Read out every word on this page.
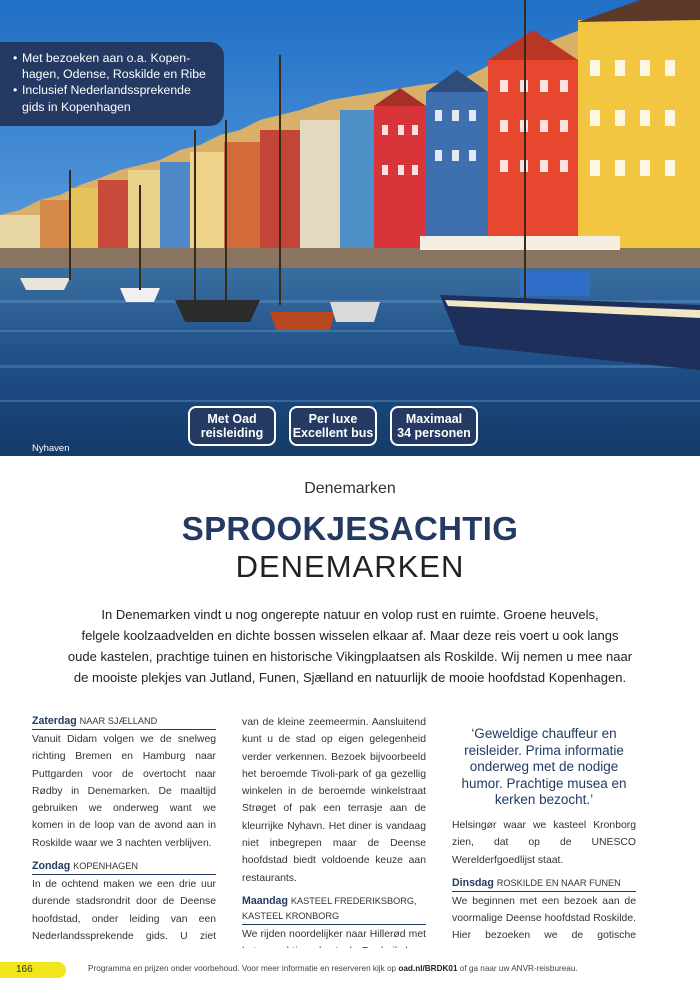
• Met bezoeken aan o.a. Kopen-
hagen, Odense, Roskilde en Ribe
• Inclusief Nederlandssprekende
gids in Kopenhagen
Met Oad
reisleiding
Per luxe
Excellent bus
Maximaal
34 personen
Nyhaven
Denemarken
SPROOKJESACHTIG
DENEMARKEN
In Denemarken vindt u nog ongerepte natuur en volop rust en ruimte. Groene heuvels,
felgele koolzaadvelden en dichte bossen wisselen elkaar af. Maar deze reis voert u ook langs
oude kastelen, prachtige tuinen en historische Vikingplaatsen als Roskilde. Wij nemen u mee naar
de mooiste plekjes van Jutland, Funen, Sjælland en natuurlijk de mooie hoofdstad Kopenhagen.
Zaterdag NAAR SJÆLLAND
Vanuit Didam volgen we de snelweg richting Bremen en Hamburg naar Puttgarden voor de overtocht naar Rødby in Denemarken. De maaltijd gebruiken we onderweg want we komen in de loop van de avond aan in Roskilde waar we 3 nachten verblijven.
Zondag KOPENHAGEN
In de ochtend maken we een drie uur durende stadsrondrit door de Deense hoofdstad, onder leiding van een Nederlandssprekende gids. U ziet
van de kleine zeemeermin. Aansluitend kunt u de stad op eigen gelegenheid verder verkennen. Bezoek bijvoorbeeld het beroemde Tivoli-park of ga gezellig winkelen in de beroemde winkelstraat Strøget of pak een terrasje aan de kleurrijke Nyhavn. Het diner is vandaag niet inbegrepen maar de Deense hoofdstad biedt voldoende keuze aan restaurants.
Maandag KASTEEL FREDERIKSBORG, KASTEEL KRONBORG
We rijden noordelijker naar Hillerød met
‘Geweldige chauffeur en reisleider. Prima informatie onderweg met de nodige humor. Prachtige musea en kerken bezocht.’
Helsingør waar we kasteel Kronborg zien, dat op de UNESCO Werelderfgoedlijst staat.
Dinsdag ROSKILDE EN NAAR FUNEN
We beginnen met een bezoek aan de voormalige Deense hoofdstad Roskilde. Hier bezoeken we de gotische
166	Programma en prijzen onder voorbehoud. Voor meer informatie en reserveren kijk op oad.nl/BRDK01 of ga naar uw ANVR-reisbureau.
